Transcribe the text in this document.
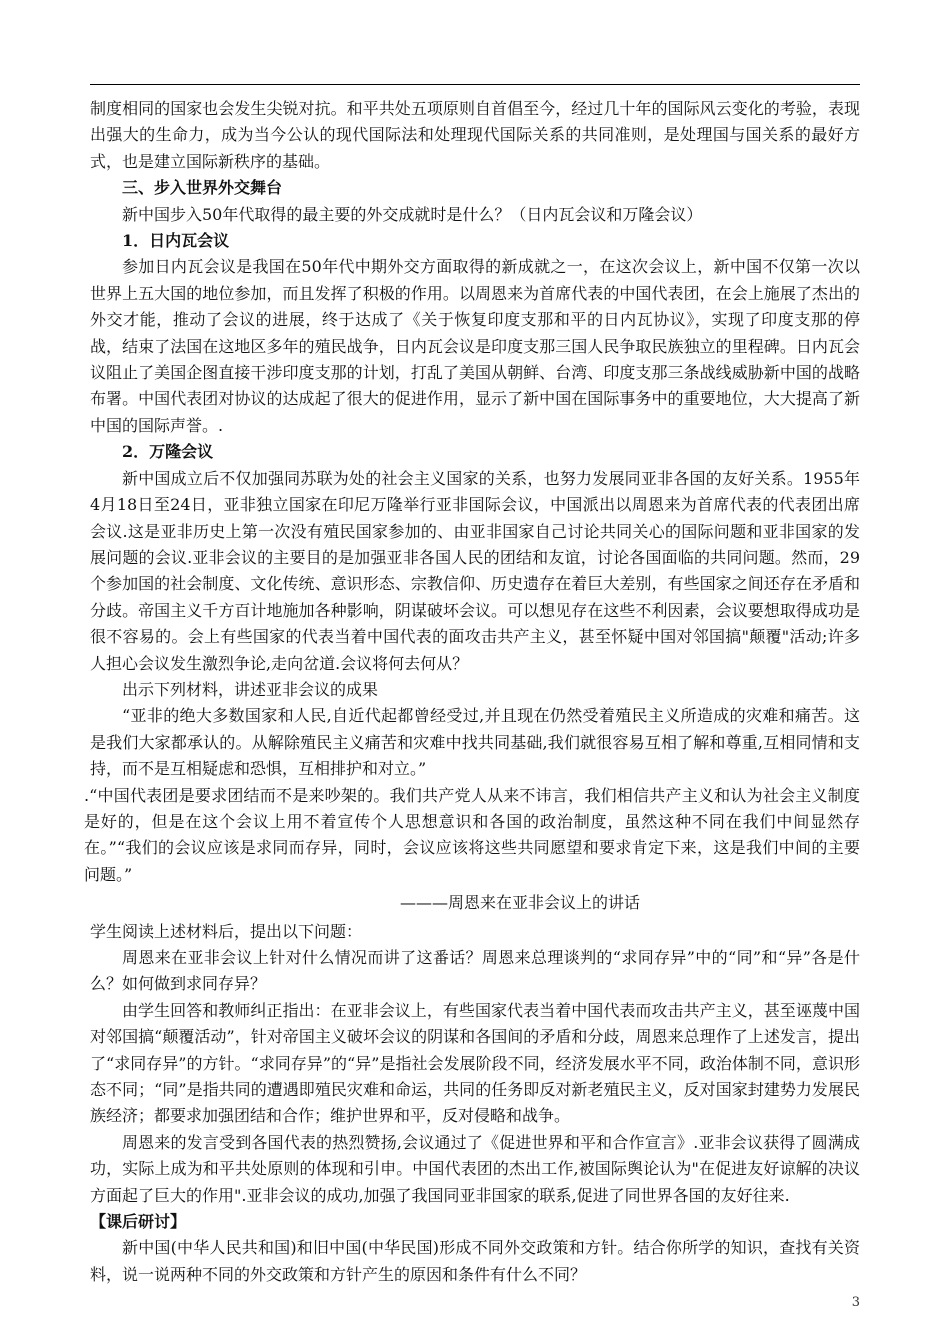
制度相同的国家也会发生尖锐对抗。和平共处五项原则自首倡至今，经过几十年的国际风云变化的考验，表现出强大的生命力，成为当今公认的现代国际法和处理现代国际关系的共同准则，是处理国与国关系的最好方式，也是建立国际新秩序的基础。

三、步入世界外交舞台

新中国步入50年代取得的最主要的外交成就时是什么？（日内瓦会议和万隆会议）

1．日内瓦会议

参加日内瓦会议是我国在50年代中期外交方面取得的新成就之一，在这次会议上，新中国不仅第一次以世界上五大国的地位参加，而且发挥了积极的作用。以周恩来为首席代表的中国代表团，在会上施展了杰出的外交才能，推动了会议的进展，终于达成了《关于恢复印度支那和平的日内瓦协议》，实现了印度支那的停战，结束了法国在这地区多年的殖民战争，日内瓦会议是印度支那三国人民争取民族独立的里程碑。日内瓦会议阻止了美国企图直接干涉印度支那的计划，打乱了美国从朝鲜、台湾、印度支那三条战线威胁新中国的战略布署。中国代表团对协议的达成起了很大的促进作用，显示了新中国在国际事务中的重要地位，大大提高了新中国的国际声誉。.

2．万隆会议

新中国成立后不仅加强同苏联为处的社会主义国家的关系，也努力发展同亚非各国的友好关系。1955年4月18日至24日，亚非独立国家在印尼万隆举行亚非国际会议，中国派出以周恩来为首席代表的代表团出席会议.这是亚非历史上第一次没有殖民国家参加的、由亚非国家自己讨论共同关心的国际问题和亚非国家的发展问题的会议.亚非会议的主要目的是加强亚非各国人民的团结和友谊，讨论各国面临的共同问题。然而，29个参加国的社会制度、文化传统、意识形态、宗教信仰、历史遗存在着巨大差别，有些国家之间还存在矛盾和分歧。帝国主义千方百计地施加各种影响，阴谋破坏会议。可以想见存在这些不利因素，会议要想取得成功是很不容易的。会上有些国家的代表当着中国代表的面攻击共产主义，甚至怀疑中国对邻国搞"颠覆"活动;许多人担心会议发生激烈争论,走向岔道.会议将何去何从？

出示下列材料，讲述亚非会议的成果

“亚非的绝大多数国家和人民,自近代起都曾经受过,并且现在仍然受着殖民主义所造成的灾难和痛苦。这是我们大家都承认的。从解除殖民主义痛苦和灾难中找共同基础,我们就很容易互相了解和尊重,互相同情和支持，而不是互相疑虑和恐惧，互相排护和对立。”

.“中国代表团是要求团结而不是来吵架的。我们共产党人从来不讳言，我们相信共产主义和认为社会主义制度是好的，但是在这个会议上用不着宣传个人思想意识和各国的政治制度，虽然这种不同在我们中间显然存在。”“我们的会议应该是求同而存异，同时，会议应该将这些共同愿望和要求肯定下来，这是我们中间的主要问题。”

———周恩来在亚非会议上的讲话

学生阅读上述材料后，提出以下问题：

周恩来在亚非会议上针对什么情况而讲了这番话？周恩来总理谈判的“求同存异”中的“同”和“异”各是什么？如何做到求同存异？

由学生回答和教师纠正指出：在亚非会议上，有些国家代表当着中国代表而攻击共产主义，甚至诬蔑中国对邻国搞“颠覆活动”，针对帝国主义破坏会议的阴谋和各国间的矛盾和分歧，周恩来总理作了上述发言，提出了“求同存异”的方针。“求同存异”的“异”是指社会发展阶段不同，经济发展水平不同，政治体制不同，意识形态不同；“同”是指共同的遭遇即殖民灾难和命运，共同的任务即反对新老殖民主义，反对国家封建势力发展民族经济；都要求加强团结和合作；维护世界和平，反对侵略和战争。

周恩来的发言受到各国代表的热烈赞扬,会议通过了《促进世界和平和合作宣言》.亚非会议获得了圆满成功，实际上成为和平共处原则的体现和引申。中国代表团的杰出工作,被国际舆论认为"在促进友好谅解的决议方面起了巨大的作用".亚非会议的成功,加强了我国同亚非国家的联系,促进了同世界各国的友好往来.

【课后研讨】

新中国(中华人民共和国)和旧中国(中华民国)形成不同外交政策和方针。结合你所学的知识，查找有关资料，说一说两种不同的外交政策和方针产生的原因和条件有什么不同？

3
